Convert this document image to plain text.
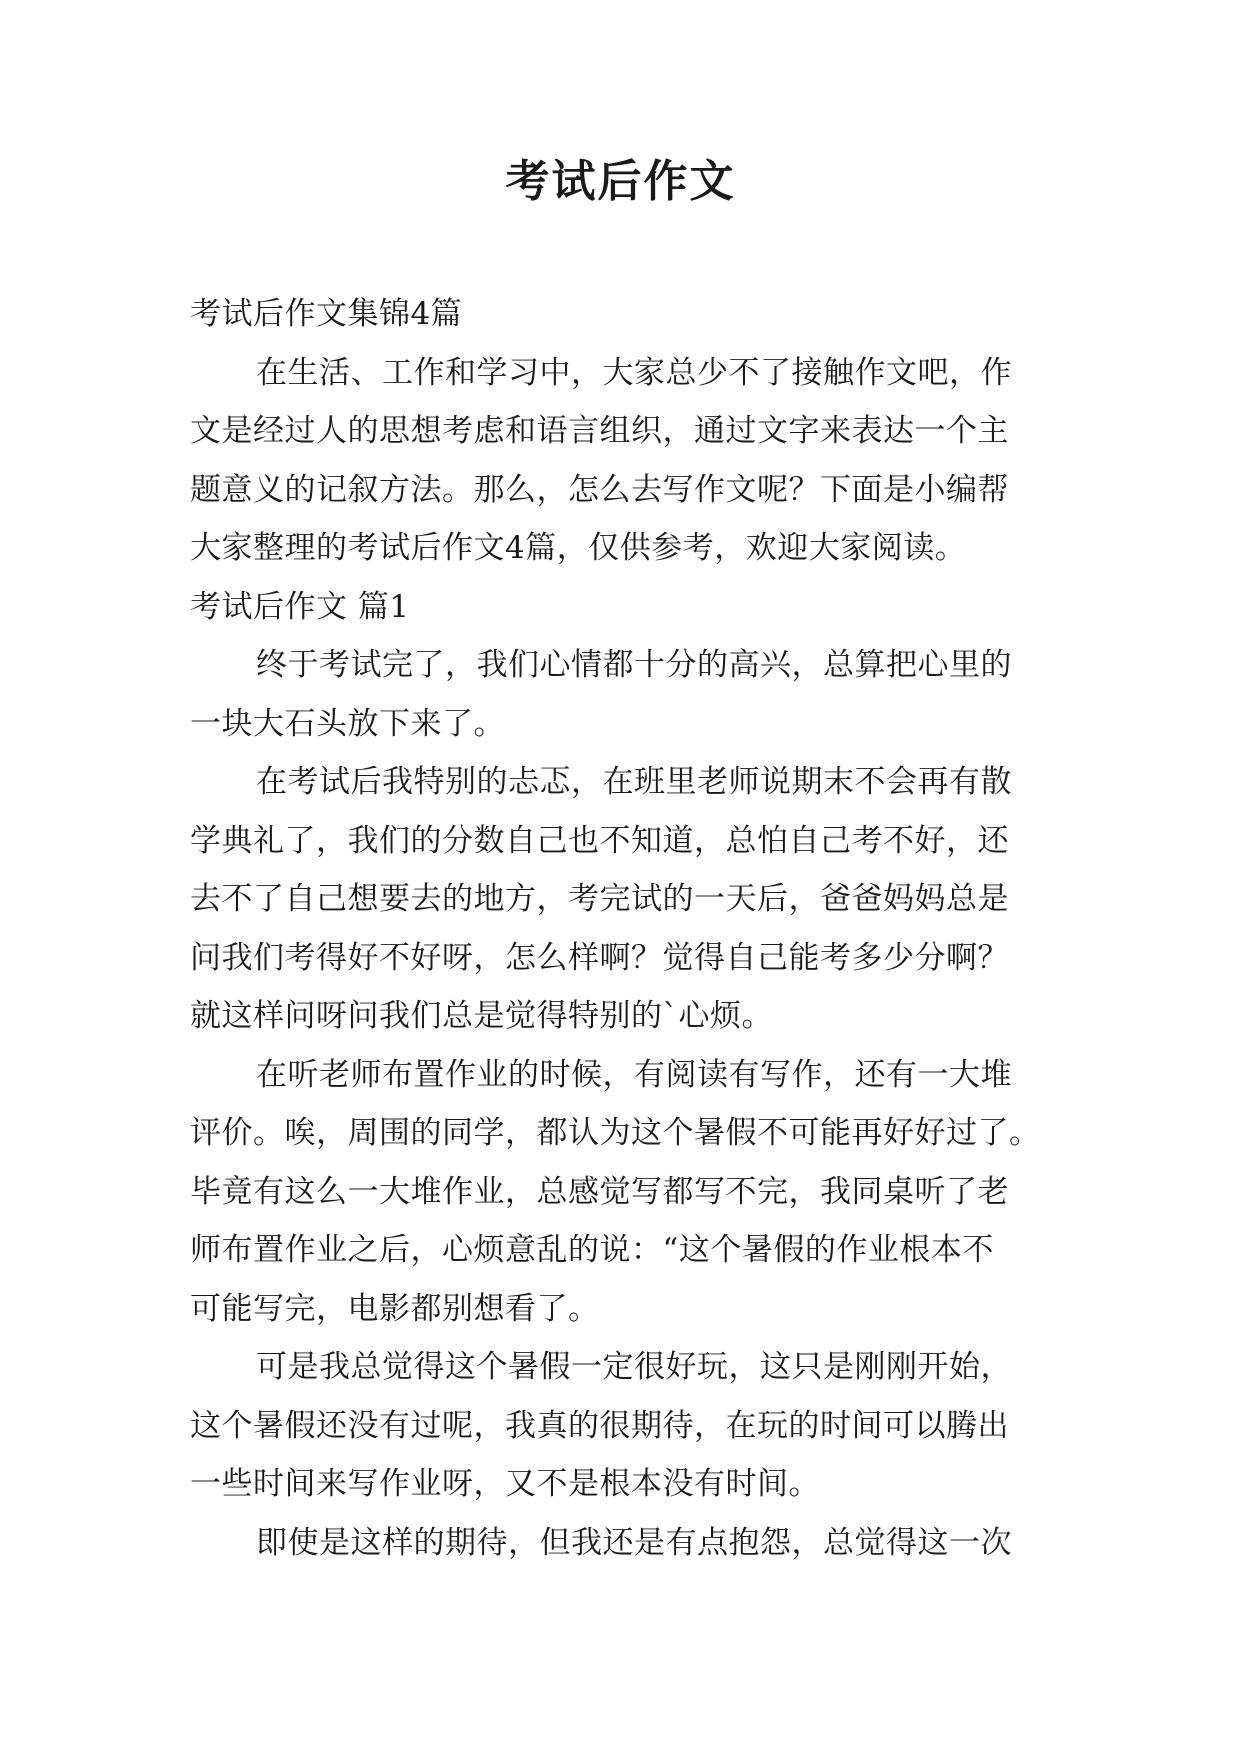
考试后作文
考试后作文集锦4篇
在生活、工作和学习中，大家总少不了接触作文吧，作
文是经过人的思想考虑和语言组织，通过文字来表达一个主
题意义的记叙方法。那么，怎么去写作文呢？下面是小编帮
大家整理的考试后作文4篇，仅供参考，欢迎大家阅读。
考试后作文 篇1
终于考试完了，我们心情都十分的高兴，总算把心里的
一块大石头放下来了。
在考试后我特别的忐忑，在班里老师说期末不会再有散
学典礼了，我们的分数自己也不知道，总怕自己考不好，还
去不了自己想要去的地方，考完试的一天后，爸爸妈妈总是
问我们考得好不好呀，怎么样啊？觉得自己能考多少分啊？
就这样问呀问我们总是觉得特别的`心烦。
在听老师布置作业的时候，有阅读有写作，还有一大堆
评价。唉，周围的同学，都认为这个暑假不可能再好好过了。
毕竟有这么一大堆作业，总感觉写都写不完，我同桌听了老
师布置作业之后，心烦意乱的说：“这个暑假的作业根本不
可能写完，电影都别想看了。
可是我总觉得这个暑假一定很好玩，这只是刚刚开始，
这个暑假还没有过呢，我真的很期待，在玩的时间可以腾出
一些时间来写作业呀，又不是根本没有时间。
即使是这样的期待，但我还是有点抱怨，总觉得这一次
